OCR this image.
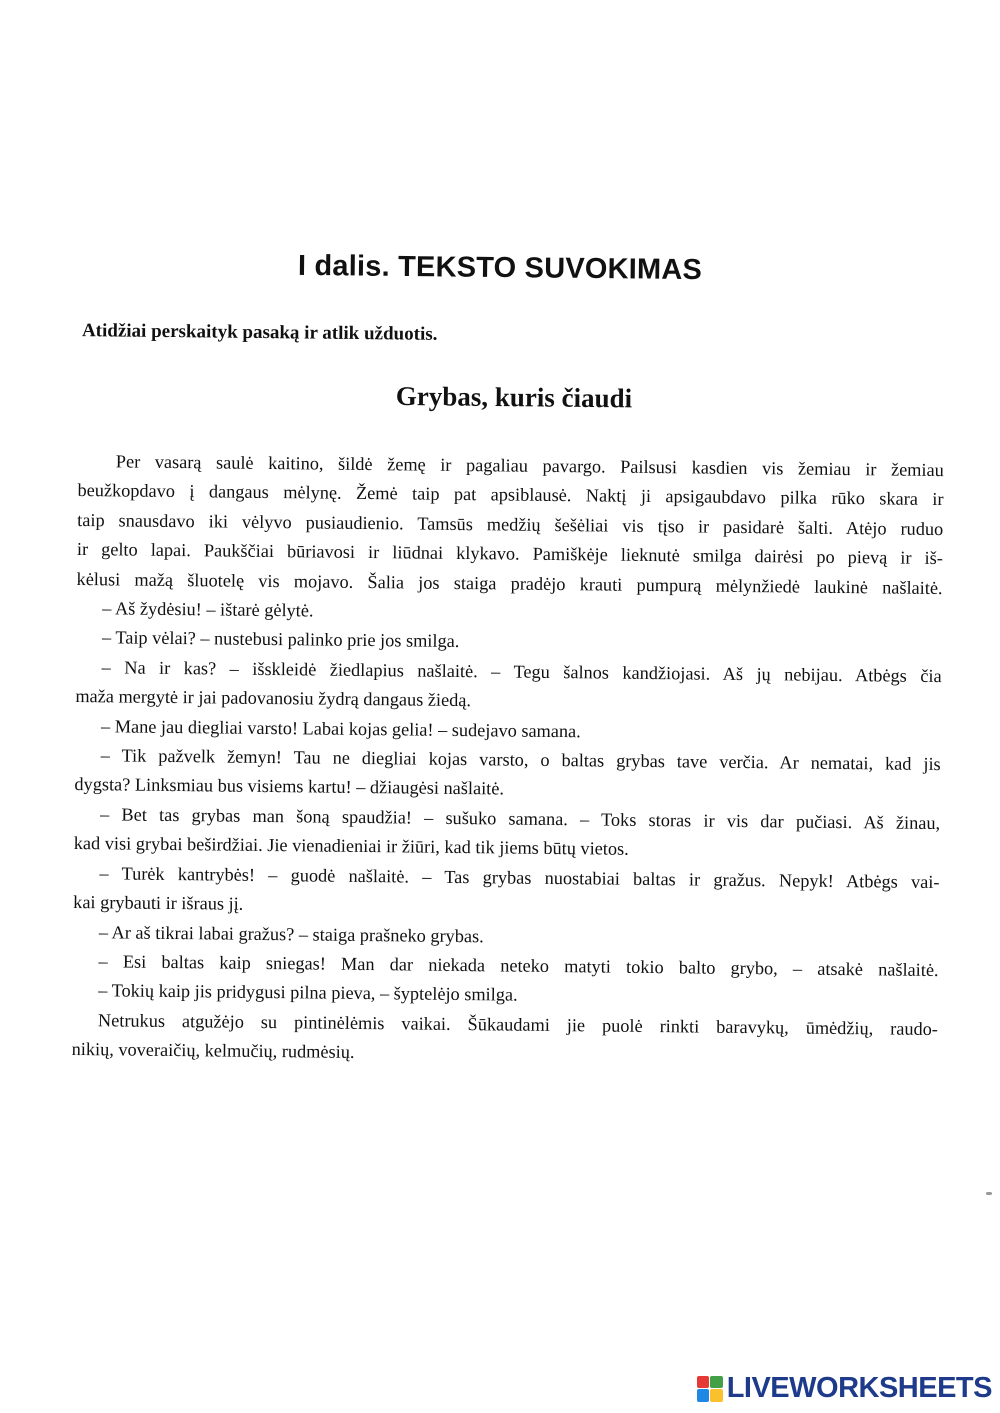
I dalis. TEKSTO SUVOKIMAS
Atidžiai perskaityk pasaką ir atlik užduotis.
Grybas, kuris čiaudi
Per vasarą saulė kaitino, šildė žemę ir pagaliau pavargo. Pailsusi kasdien vis žemiau ir žemiau
beužkopdavo į dangaus mėlynę. Žemė taip pat apsiblausė. Naktį ji apsigaubdavo pilka rūko skara ir
taip snausdavo iki vėlyvo pusiaudienio. Tamsūs medžių šešėliai vis tįso ir pasidarė šalti. Atėjo ruduo
ir gelto lapai. Paukščiai būriavosi ir liūdnai klykavo. Pamiškėje lieknutė smilga dairėsi po pievą ir iš-
kėlusi mažą šluotelę vis mojavo. Šalia jos staiga pradėjo krauti pumpurą mėlynžiedė laukinė našlaitė.
– Aš žydėsiu! – ištarė gėlytė.
– Taip vėlai? – nustebusi palinko prie jos smilga.
– Na ir kas? – išskleidė žiedlapius našlaitė. – Tegu šalnos kandžiojasi. Aš jų nebijau. Atbėgs čia
maža mergytė ir jai padovanosiu žydrą dangaus žiedą.
– Mane jau diegliai varsto! Labai kojas gelia! – sudejavo samana.
– Tik pažvelk žemyn! Tau ne diegliai kojas varsto, o baltas grybas tave verčia. Ar nematai, kad jis
dygsta? Linksmiau bus visiems kartu! – džiaugėsi našlaitė.
– Bet tas grybas man šoną spaudžia! – sušuko samana. – Toks storas ir vis dar pučiasi. Aš žinau,
kad visi grybai beširdžiai. Jie vienadieniai ir žiūri, kad tik jiems būtų vietos.
– Turėk kantrybės! – guodė našlaitė. – Tas grybas nuostabiai baltas ir gražus. Nepyk! Atbėgs vai-
kai grybauti ir išraus jį.
– Ar aš tikrai labai gražus? – staiga prašneko grybas.
– Esi baltas kaip sniegas! Man dar niekada neteko matyti tokio balto grybo, – atsakė našlaitė.
– Tokių kaip jis pridygusi pilna pieva, – šyptelėjo smilga.
Netrukus atgužėjo su pintinėlėmis vaikai. Šūkaudami jie puolė rinkti baravykų, ūmėdžių, raudo-
nikių, voveraičių, kelmučių, rudmėsių.
LIVEWORKSHEETS
